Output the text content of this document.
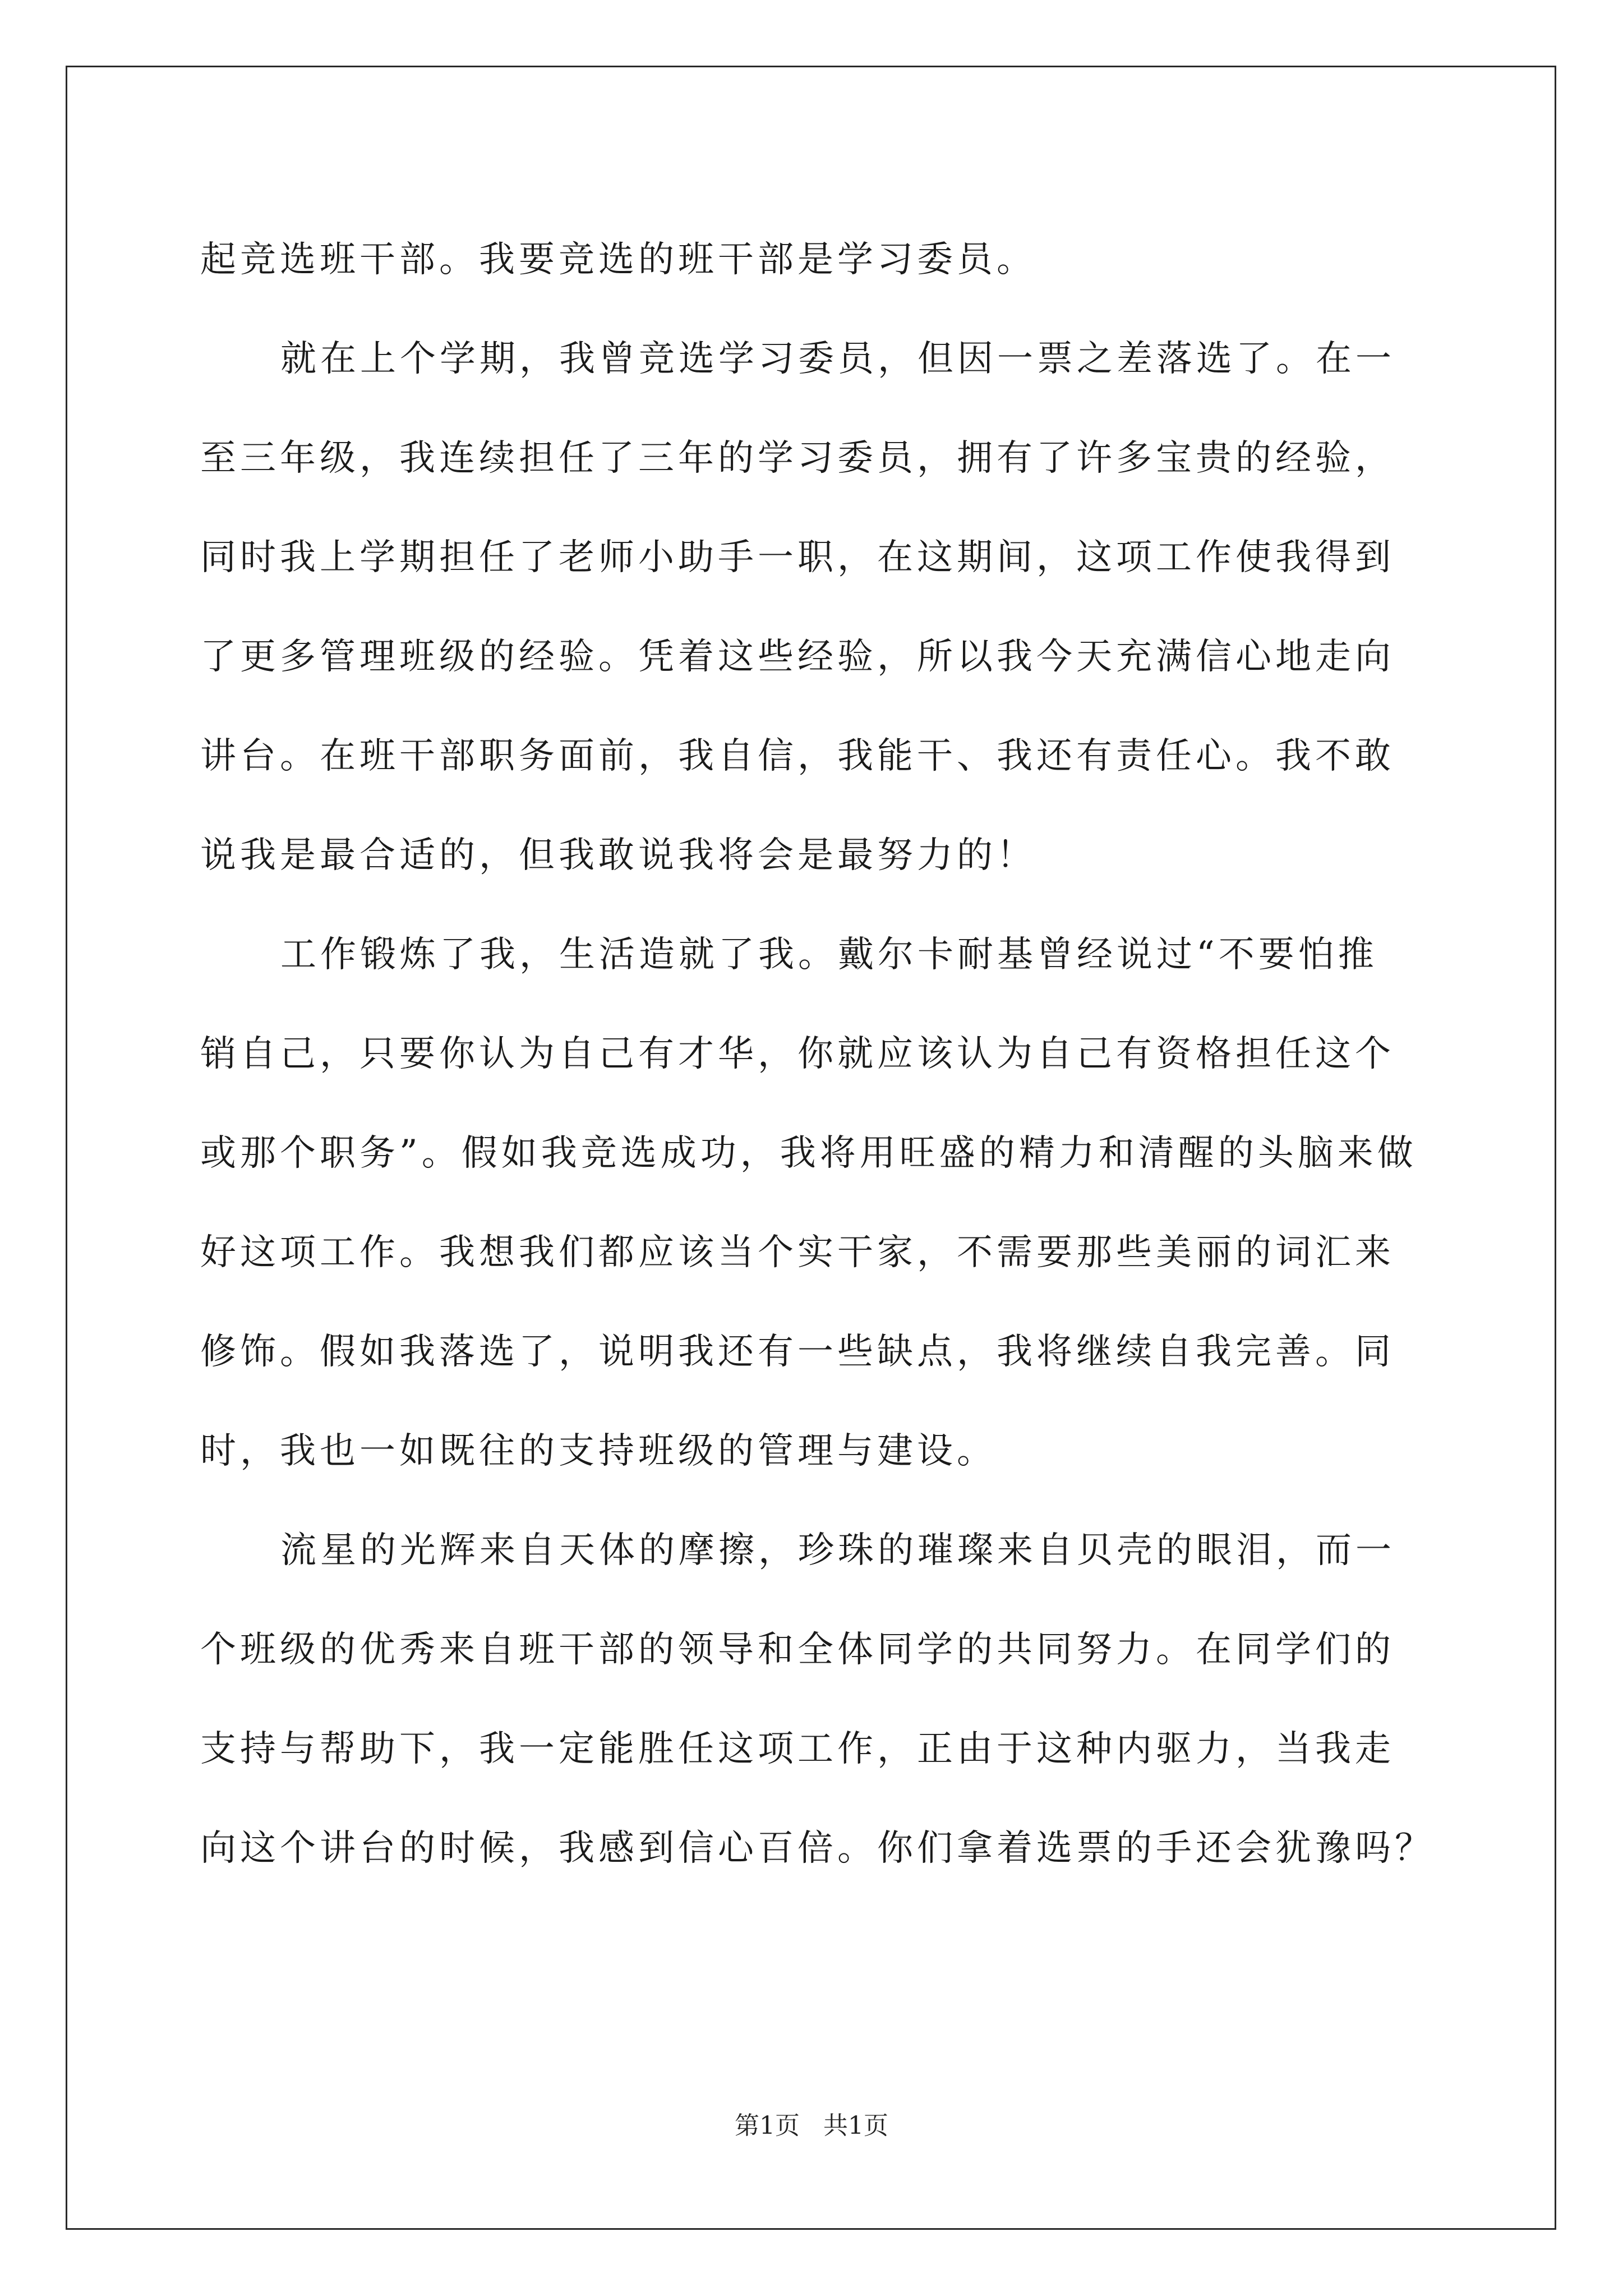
起竞选班干部。我要竞选的班干部是学习委员。
就在上个学期，我曾竞选学习委员，但因一票之差落选了。在一
至三年级，我连续担任了三年的学习委员，拥有了许多宝贵的经验，
同时我上学期担任了老师小助手一职，在这期间，这项工作使我得到
了更多管理班级的经验。凭着这些经验，所以我今天充满信心地走向
讲台。在班干部职务面前，我自信，我能干、我还有责任心。我不敢
说我是最合适的，但我敢说我将会是最努力的！
工作锻炼了我，生活造就了我。戴尔卡耐基曾经说过“不要怕推
销自己，只要你认为自己有才华，你就应该认为自己有资格担任这个
或那个职务”。假如我竞选成功，我将用旺盛的精力和清醒的头脑来做
好这项工作。我想我们都应该当个实干家，不需要那些美丽的词汇来
修饰。假如我落选了，说明我还有一些缺点，我将继续自我完善。同
时，我也一如既往的支持班级的管理与建设。
流星的光辉来自天体的摩擦，珍珠的璀璨来自贝壳的眼泪，而一
个班级的优秀来自班干部的领导和全体同学的共同努力。在同学们的
支持与帮助下，我一定能胜任这项工作，正由于这种内驱力，当我走
向这个讲台的时候，我感到信心百倍。你们拿着选票的手还会犹豫吗？
第1页   共1页
